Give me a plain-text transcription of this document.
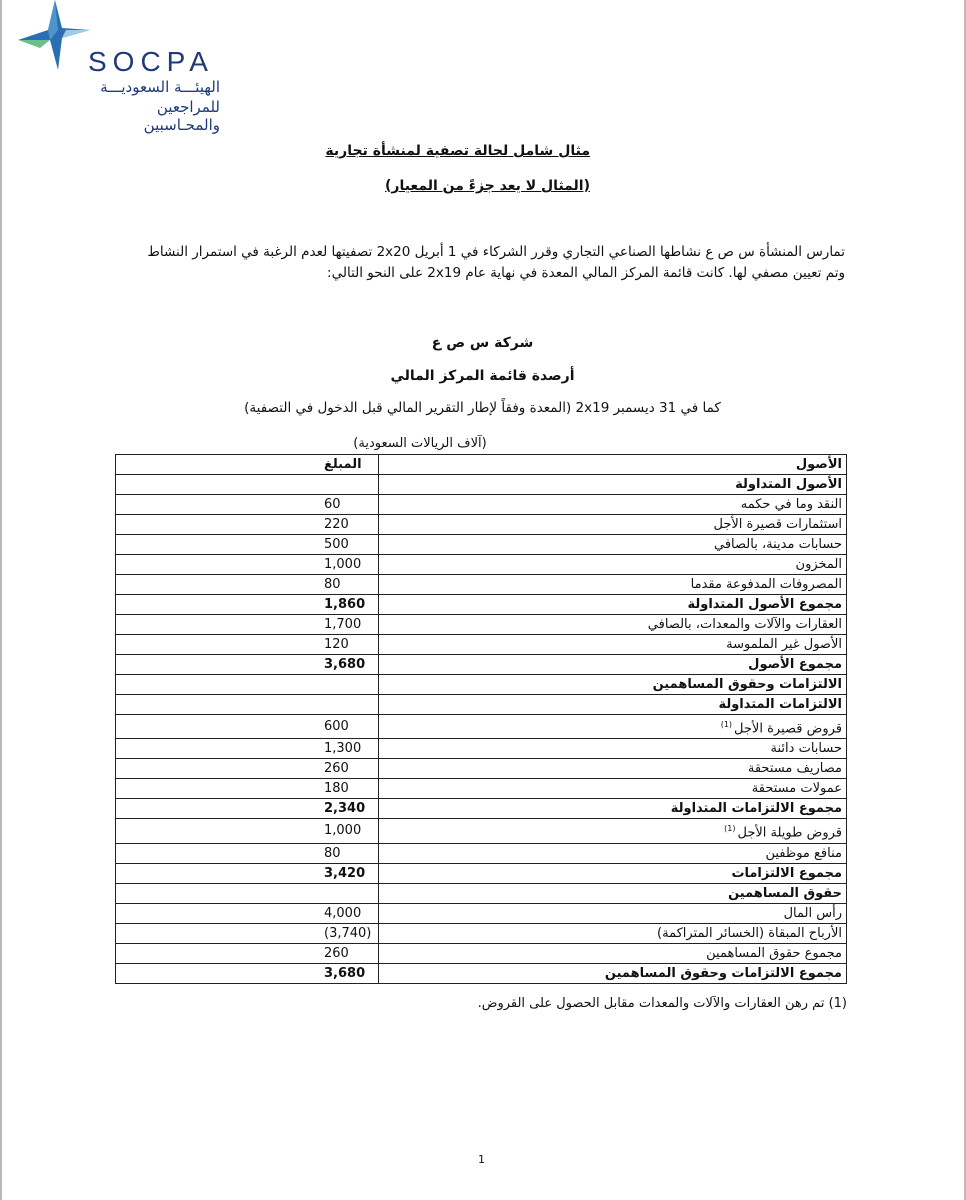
SOCPA
الهيئـــة السعوديـــة
للمراجعين والمحـاسبين
مثال شامل لحالة تصفية لمنشأة تجارية
(المثال لا يعد جزءً من المعيار)
تمارس المنشأة س ص ع نشاطها الصناعي التجاري وقرر الشركاء في 1 أبريل 2x20 تصفيتها لعدم الرغبة في استمرار النشاط وتم تعيين مصفي لها. كانت قائمة المركز المالي المعدة في نهاية عام 2x19 على النحو التالي:
شركة س ص ع
أرصدة قائمة المركز المالي
كما في 31 ديسمبر 2x19 (المعدة وفقاً لإطار التقرير المالي قبل الدخول في التصفية)
(آلاف الريالات السعودية)
الأصول	المبلغ
الأصول المتداولة	
النقد وما في حكمه	60
استثمارات قصيرة الأجل	220
حسابات مدينة، بالصافي	500
المخزون	1,000
المصروفات المدفوعة مقدما	80
مجموع الأصول المتداولة	1,860
العقارات والآلات والمعدات، بالصافي	1,700
الأصول غير الملموسة	120
مجموع الأصول	3,680
الالتزامات وحقوق المساهمين	
الالتزامات المتداولة	
قروض قصيرة الأجل$^{(1)}$	600
حسابات دائنة	1,300
مصاريف مستحقة	260
عمولات مستحقة	180
مجموع الالتزامات المتداولة	2,340
قروض طويلة الأجل$^{(1)}$	1,000
منافع موظفين	80
مجموع الالتزامات	3,420
حقوق المساهمين	
رأس المال	4,000
الأرباح المبقاة (الخسائر المتراكمة)	(3,740)
مجموع حقوق المساهمين	260
مجموع الالتزامات وحقوق المساهمين	3,680
(1) تم رهن العقارات والآلات والمعدات مقابل الحصول على القروض.
1
